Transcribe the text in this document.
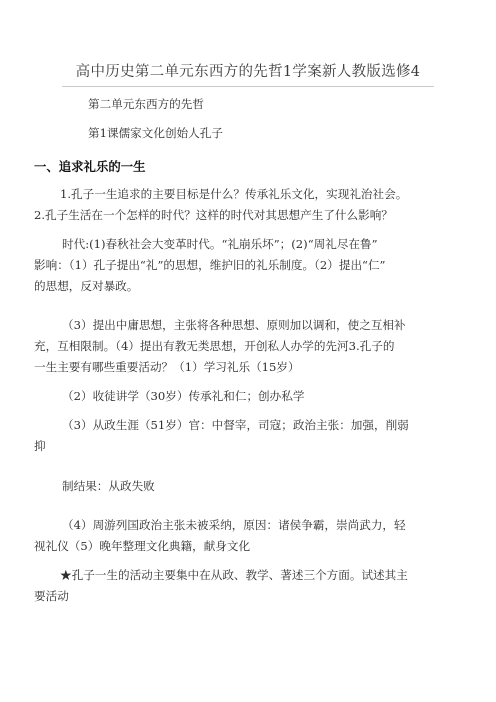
高中历史第二单元东西方的先哲1学案新人教版选修4
第二单元东西方的先哲
第1课儒家文化创始人孔子
一、追求礼乐的一生
1.孔子一生追求的主要目标是什么？传承礼乐文化，实现礼治社会。
2.孔子生活在一个怎样的时代？这样的时代对其思想产生了什么影响？
时代:(1)春秋社会大变革时代。“礼崩乐坏”；(2)“周礼尽在鲁”
影响：（1）孔子提出“礼”的思想，维护旧的礼乐制度。（2）提出“仁”
的思想，反对暴政。
（3）提出中庸思想，主张将各种思想、原则加以调和，使之互相补
充，互相限制。（4）提出有教无类思想，开创私人办学的先河3.孔子的
一生主要有哪些重要活动？（1）学习礼乐（15岁）
（2）收徒讲学（30岁）传承礼和仁；创办私学
（3）从政生涯（51岁）官：中督宰，司寇；政治主张：加强，削弱
抑
制结果：从政失败
（4）周游列国政治主张未被采纳，原因：诸侯争霸，崇尚武力，轻
视礼仪（5）晚年整理文化典籍，献身文化
★孔子一生的活动主要集中在从政、教学、著述三个方面。试述其主
要活动
